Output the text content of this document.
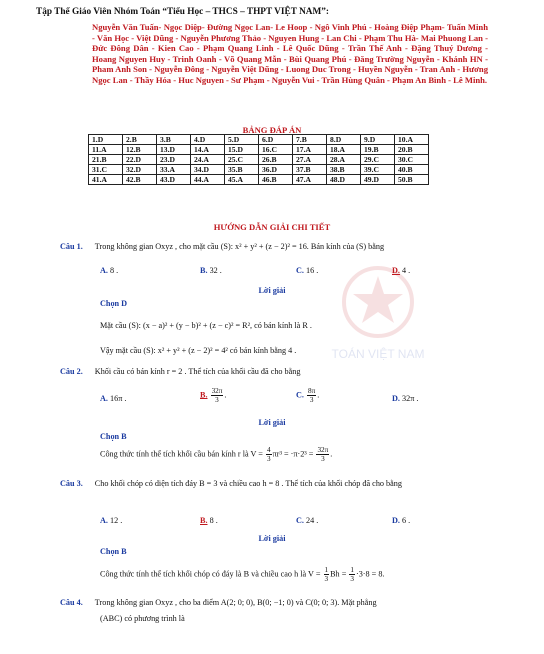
Tập Thể Giáo Viên Nhóm Toán “Tiểu Học – THCS – THPT VIỆT NAM”:
Nguyễn Văn Tuấn- Ngọc Diệp- Đường Ngọc Lan- Le Hoop - Ngô Vinh Phú - Hoàng Điệp Phạm- Tuấn Minh - Văn Học - Việt Dũng - Nguyễn Phương Thảo - Nguyen Hung - Lan Chi - Phạm Thu Hà- Mai Phuong Lan - Đức Đông Dân - Kien Cao - Phạm Quang Linh - Lê Quốc Dũng - Trần Thế Anh - Đặng Thuý Dương - Hoang Nguyen Huy - Trinh Oanh - Võ Quang Mẫn - Bùi Quang Phú - Đăng Trường Nguyễn - Khánh HN - Pham Anh Son - Nguyễn Đông - Nguyễn Việt Dũng - Luong Duc Trong - Huyền Nguyễn - Tran Anh - Hương Ngọc Lan - Thầy Hóa - Huc Nguyen - Sư Phạm - Nguyễn Vui - Trần Hùng Quân - Phạm An Bình - Lê Minh.
BẢNG ĐÁP ÁN
1.D	2.B	3.B	4.D	5.D	6.D	7.B	8.D	9.D	10.A
11.A	12.B	13.D	14.A	15.D	16.C	17.A	18.A	19.B	20.B
21.B	22.D	23.D	24.A	25.C	26.B	27.A	28.A	29.C	30.C
31.C	32.D	33.A	34.D	35.B	36.D	37.B	38.B	39.C	40.B
41.A	42.B	43.D	44.A	45.A	46.B	47.A	48.D	49.D	50.B
HƯỚNG DẪN GIẢI CHI TIẾT
TOÁN VIỆT NAM
Câu 1. Trong không gian Oxyz , cho mặt cầu (S): x² + y² + (z − 2)² = 16. Bán kính của (S) bằng
A. 8 .	B. 32 .	C. 16 .	D. 4 .
Lời giải
Chọn D
Mặt cầu (S): (x − a)² + (y − b)² + (z − c)² = R², có bán kính là R .
Vậy mặt cầu (S): x² + y² + (z − 2)² = 4² có bán kính bằng 4 .
Câu 2. Khối cầu có bán kính r = 2 . Thể tích của khối cầu đã cho bằng
A. 16π .	B. $\frac{32\pi}{3}$ .	C. $\frac{8\pi}{3}$ .	D. 32π .
Lời giải
Chọn B
Công thức tính thể tích khối cầu bán kính r là $V = \frac{4}{3} \pi r^3 = \cdot\pi\cdot 2^3 = \frac{32\pi}{3}$ .
Câu 3. Cho khối chóp có diện tích đáy B = 3 và chiều cao h = 8 . Thể tích của khối chóp đã cho bằng
A. 12 .	B. 8 .	C. 24 .	D. 6 .
Lời giải
Chọn B
Công thức tính thể tích khối chóp có đáy là B và chiều cao h là $V = \frac{1}{3}$ $Bh = \frac{1}{3} \cdot 3\cdot 8 = 8$.
Câu 4. Trong không gian Oxyz , cho ba điểm A(2; 0; 0), B(0; −1; 0) và C(0; 0; 3). Mặt phẳng
(ABC) có phương trình là
